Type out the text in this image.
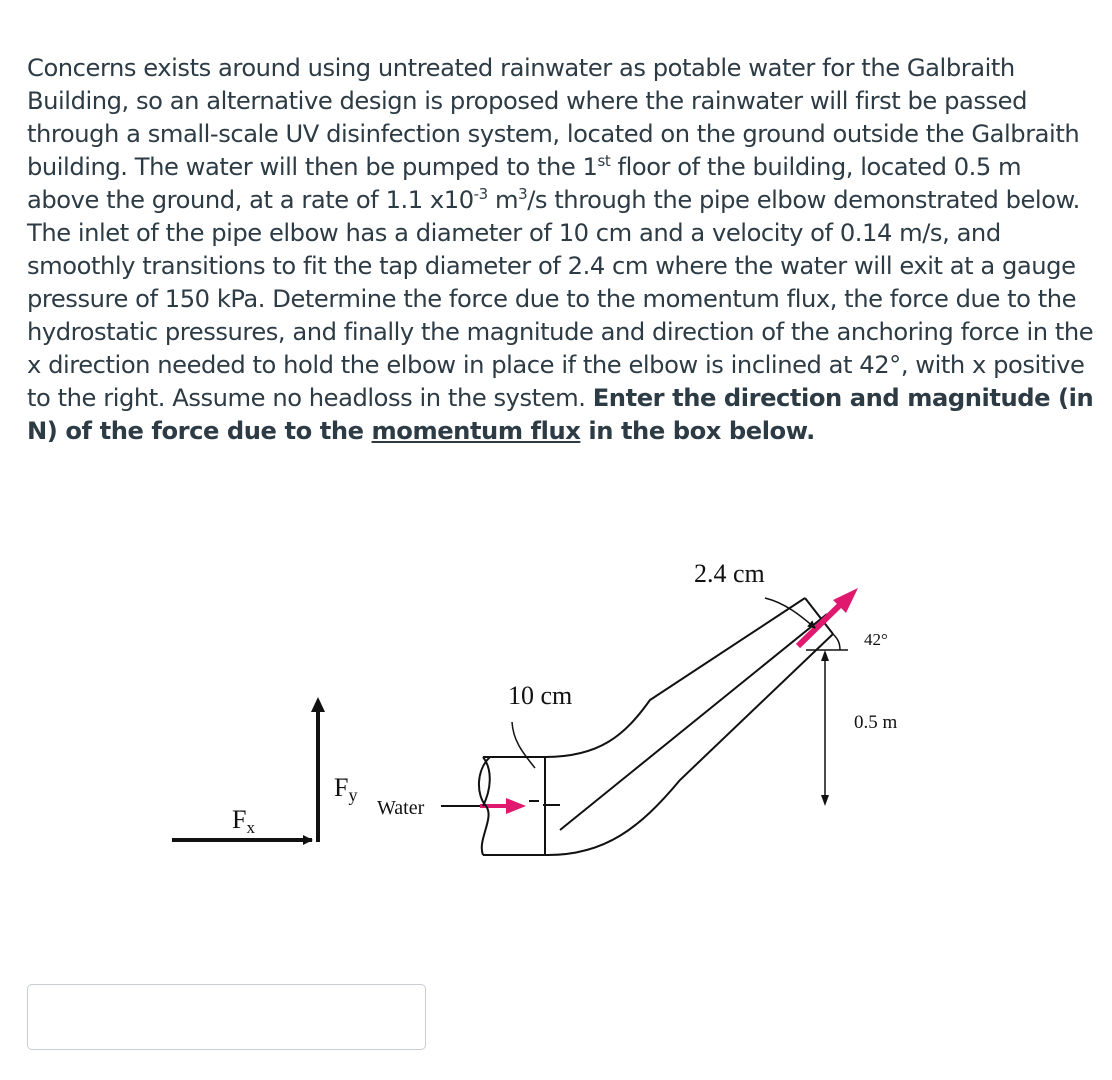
Concerns exists around using untreated rainwater as potable water for the Galbraith Building, so an alternative design is proposed where the rainwater will first be passed through a small-scale UV disinfection system, located on the ground outside the Galbraith building. The water will then be pumped to the 1st floor of the building, located 0.5 m above the ground, at a rate of 1.1 $x10^{-3}$ $m^3/s$ through the pipe elbow demonstrated below. The inlet of the pipe elbow has a diameter of 10 cm and a velocity of 0.14 m/s, and smoothly transitions to fit the tap diameter of 2.4 cm where the water will exit at a gauge pressure of 150 kPa. Determine the force due to the momentum flux, the force due to the hydrostatic pressures, and finally the magnitude and direction of the anchoring force in the x direction needed to hold the elbow in place if the elbow is inclined at 42°, with x positive to the right. Assume no headloss in the system. Enter the direction and magnitude (in N) of the force due to the momentum flux in the box below.

Fx
Fy
Water
42°
2.4 cm
10 cm
0.5 m
